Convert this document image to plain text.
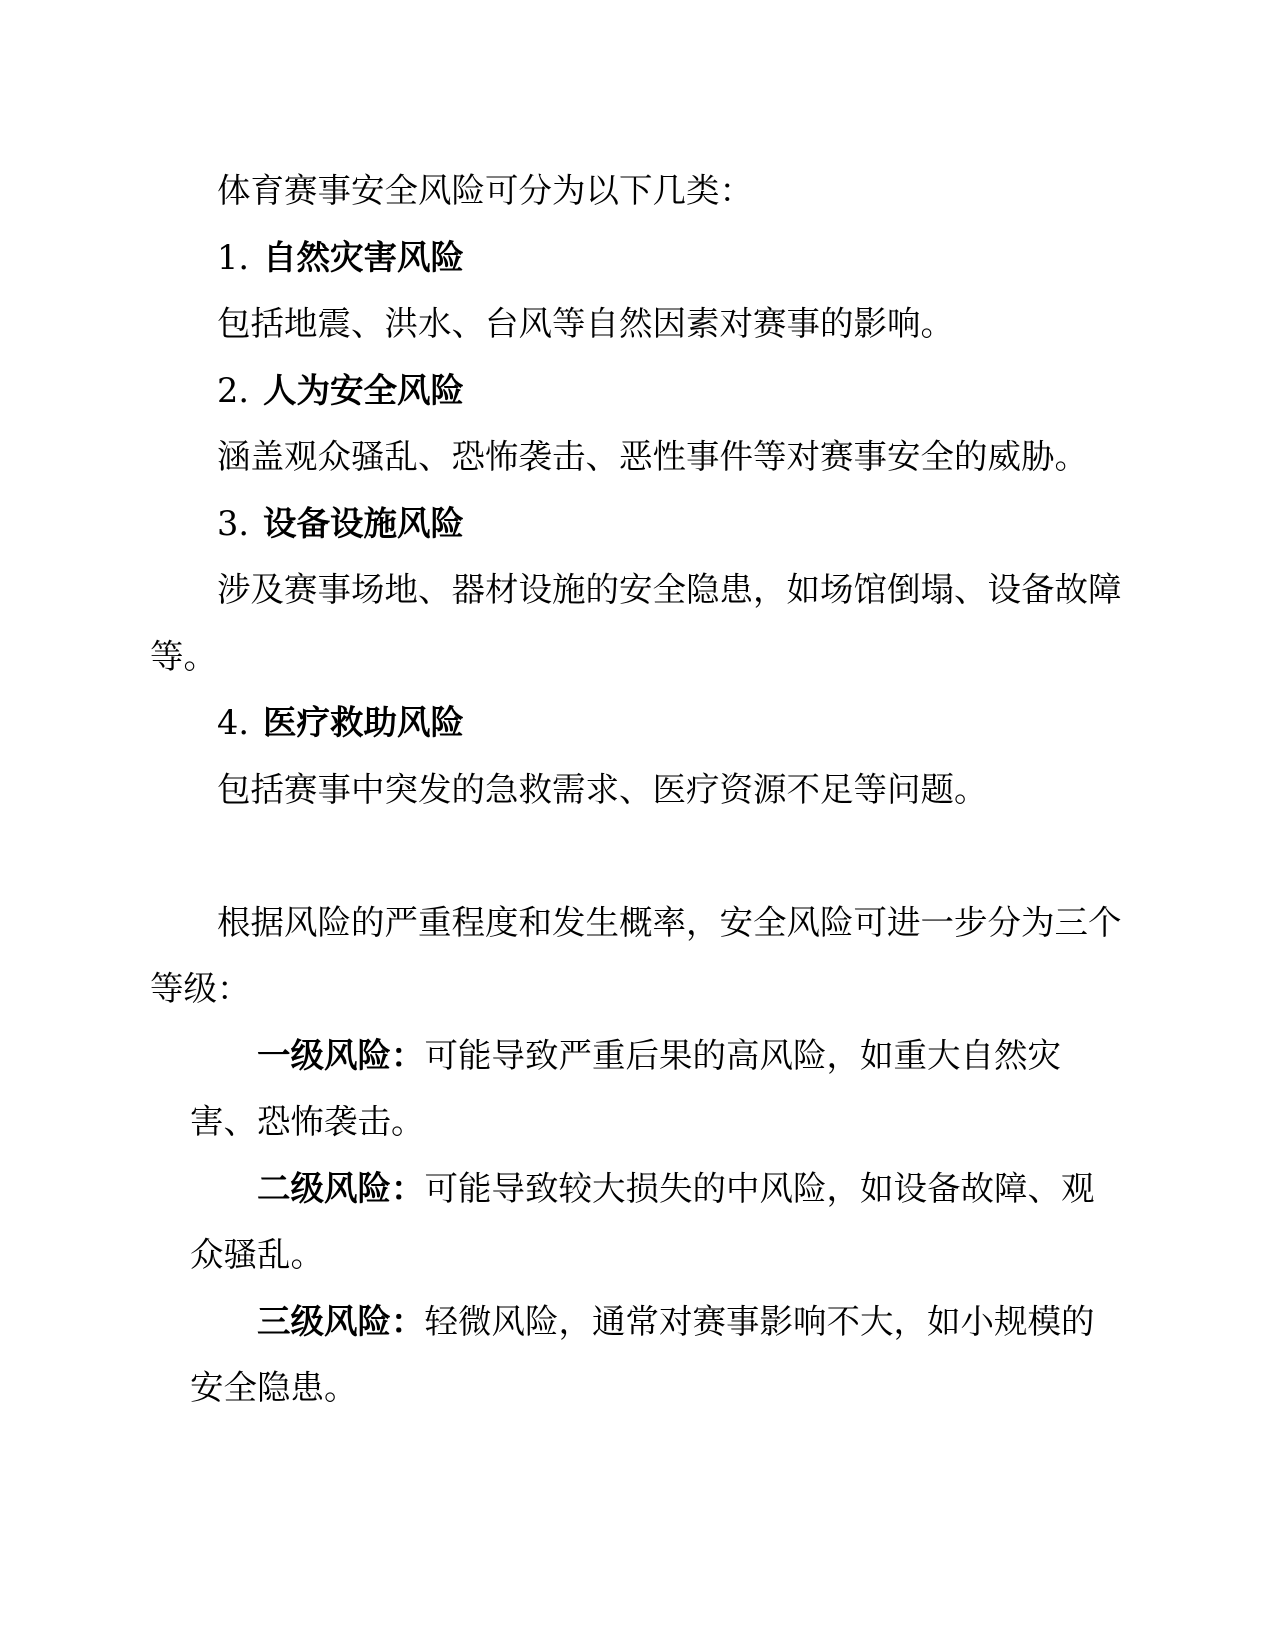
体育赛事安全风险可分为以下几类：

1. 自然灾害风险

包括地震、洪水、台风等自然因素对赛事的影响。

2. 人为安全风险

涵盖观众骚乱、恐怖袭击、恶性事件等对赛事安全的威胁。

3. 设备设施风险

涉及赛事场地、器材设施的安全隐患，如场馆倒塌、设备故障等。

4. 医疗救助风险

包括赛事中突发的急救需求、医疗资源不足等问题。

根据风险的严重程度和发生概率，安全风险可进一步分为三个等级：

一级风险：可能导致严重后果的高风险，如重大自然灾害、恐怖袭击。

二级风险：可能导致较大损失的中风险，如设备故障、观众骚乱。

三级风险：轻微风险，通常对赛事影响不大，如小规模的安全隐患。
